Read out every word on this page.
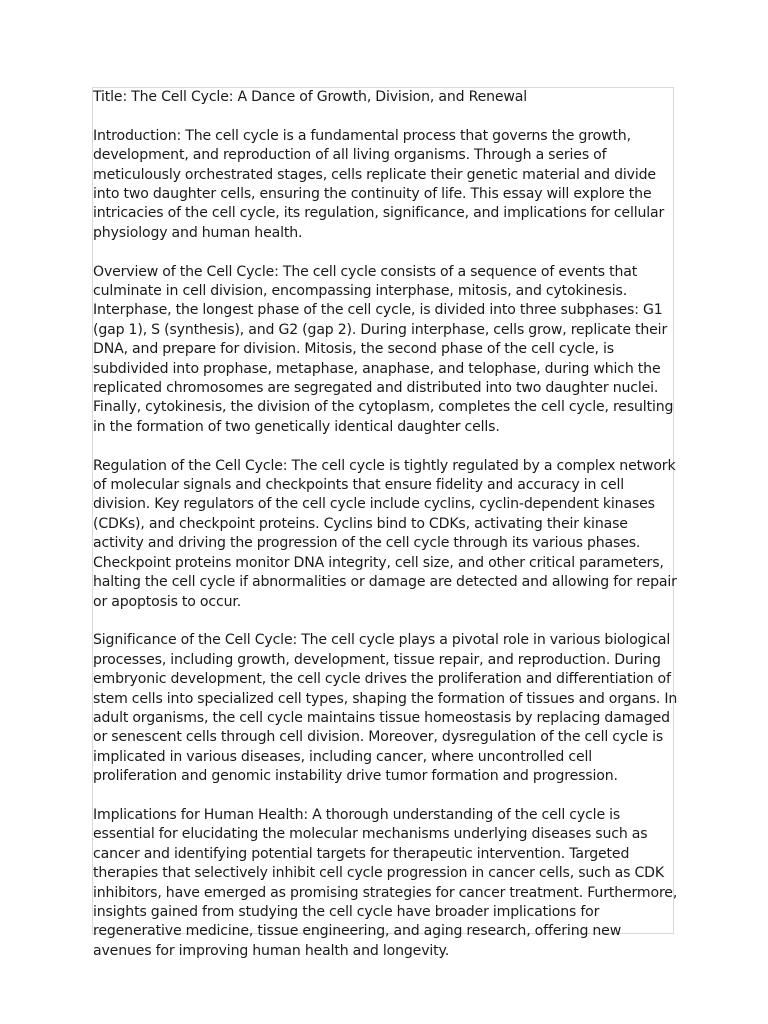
Title: The Cell Cycle: A Dance of Growth, Division, and Renewal

Introduction: The cell cycle is a fundamental process that governs the growth, development, and reproduction of all living organisms. Through a series of meticulously orchestrated stages, cells replicate their genetic material and divide into two daughter cells, ensuring the continuity of life. This essay will explore the intricacies of the cell cycle, its regulation, significance, and implications for cellular physiology and human health.

Overview of the Cell Cycle: The cell cycle consists of a sequence of events that culminate in cell division, encompassing interphase, mitosis, and cytokinesis. Interphase, the longest phase of the cell cycle, is divided into three subphases: G1 (gap 1), S (synthesis), and G2 (gap 2). During interphase, cells grow, replicate their DNA, and prepare for division. Mitosis, the second phase of the cell cycle, is subdivided into prophase, metaphase, anaphase, and telophase, during which the replicated chromosomes are segregated and distributed into two daughter nuclei. Finally, cytokinesis, the division of the cytoplasm, completes the cell cycle, resulting in the formation of two genetically identical daughter cells.

Regulation of the Cell Cycle: The cell cycle is tightly regulated by a complex network of molecular signals and checkpoints that ensure fidelity and accuracy in cell division. Key regulators of the cell cycle include cyclins, cyclin-dependent kinases (CDKs), and checkpoint proteins. Cyclins bind to CDKs, activating their kinase activity and driving the progression of the cell cycle through its various phases. Checkpoint proteins monitor DNA integrity, cell size, and other critical parameters, halting the cell cycle if abnormalities or damage are detected and allowing for repair or apoptosis to occur.

Significance of the Cell Cycle: The cell cycle plays a pivotal role in various biological processes, including growth, development, tissue repair, and reproduction. During embryonic development, the cell cycle drives the proliferation and differentiation of stem cells into specialized cell types, shaping the formation of tissues and organs. In adult organisms, the cell cycle maintains tissue homeostasis by replacing damaged or senescent cells through cell division. Moreover, dysregulation of the cell cycle is implicated in various diseases, including cancer, where uncontrolled cell proliferation and genomic instability drive tumor formation and progression.

Implications for Human Health: A thorough understanding of the cell cycle is essential for elucidating the molecular mechanisms underlying diseases such as cancer and identifying potential targets for therapeutic intervention. Targeted therapies that selectively inhibit cell cycle progression in cancer cells, such as CDK inhibitors, have emerged as promising strategies for cancer treatment. Furthermore, insights gained from studying the cell cycle have broader implications for regenerative medicine, tissue engineering, and aging research, offering new avenues for improving human health and longevity.
